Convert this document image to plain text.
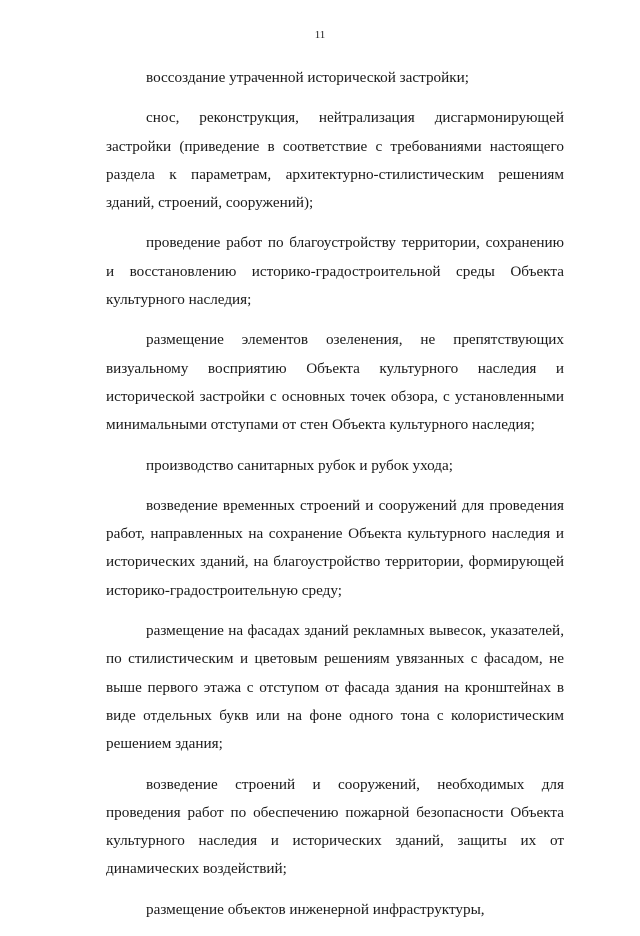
11

воссоздание утраченной исторической застройки;

снос, реконструкция, нейтрализация дисгармонирующей застройки (приведение в соответствие с требованиями настоящего раздела к параметрам, архитектурно-стилистическим решениям зданий, строений, сооружений);

проведение работ по благоустройству территории, сохранению и восстановлению историко-градостроительной среды Объекта культурного наследия;

размещение элементов озеленения, не препятствующих визуальному восприятию Объекта культурного наследия и исторической застройки с основных точек обзора, с установленными минимальными отступами от стен Объекта культурного наследия;

производство санитарных рубок и рубок ухода;

возведение временных строений и сооружений для проведения работ, направленных на сохранение Объекта культурного наследия и исторических зданий, на благоустройство территории, формирующей историко-градостроительную среду;

размещение на фасадах зданий рекламных вывесок, указателей, по стилистическим и цветовым решениям увязанных с фасадом, не выше первого этажа с отступом от фасада здания на кронштейнах в виде отдельных букв или на фоне одного тона с колористическим решением здания;

возведение строений и сооружений, необходимых для проведения работ по обеспечению пожарной безопасности Объекта культурного наследия и исторических зданий, защиты их от динамических воздействий;

размещение объектов инженерной инфраструктуры,
